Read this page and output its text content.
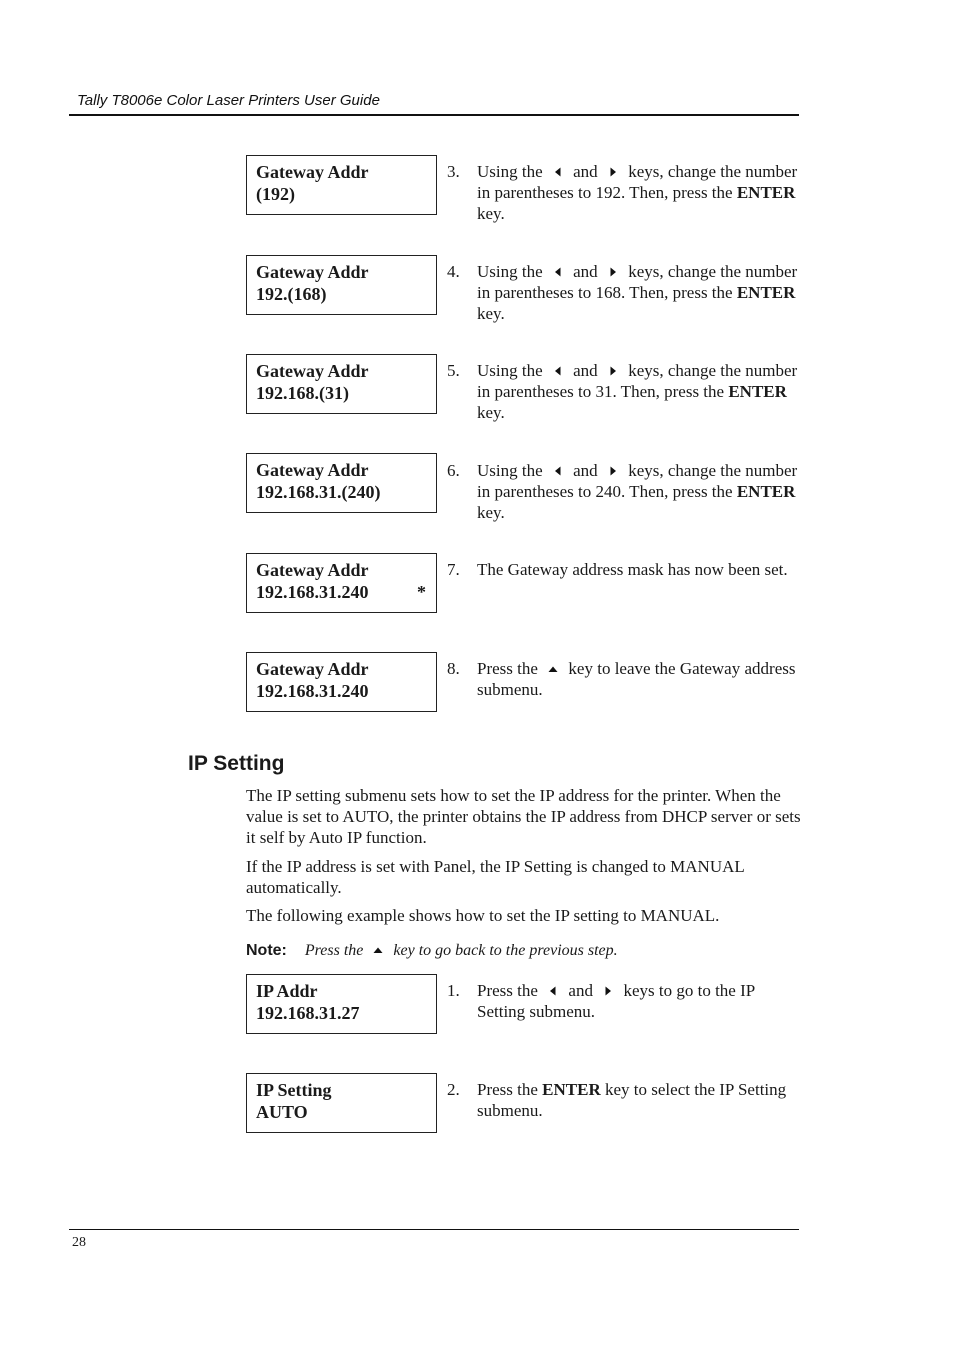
Tally T8006e Color Laser Printers User Guide
Gateway Addr
(192)
3. Using the and keys, change the number in parentheses to 192. Then, press the ENTER key.
Gateway Addr
192.(168)
4. Using the and keys, change the number in parentheses to 168. Then, press the ENTER key.
Gateway Addr
192.168.(31)
5. Using the and keys, change the number in parentheses to 31. Then, press the ENTER key.
Gateway Addr
192.168.31.(240)
6. Using the and keys, change the number in parentheses to 240. Then, press the ENTER key.
Gateway Addr
192.168.31.240	*
7. The Gateway address mask has now been set.
Gateway Addr
192.168.31.240
8. Press the key to leave the Gateway address submenu.
IP Setting
The IP setting submenu sets how to set the IP address for the printer. When the value is set to AUTO, the printer obtains the IP address from DHCP server or sets it self by Auto IP function.
If the IP address is set with Panel, the IP Setting is changed to MANUAL automatically.
The following example shows how to set the IP setting to MANUAL.
Note: Press the key to go back to the previous step.
IP Addr
192.168.31.27
1. Press the and keys to go to the IP Setting submenu.
IP Setting
AUTO
2. Press the ENTER key to select the IP Setting submenu.
28
